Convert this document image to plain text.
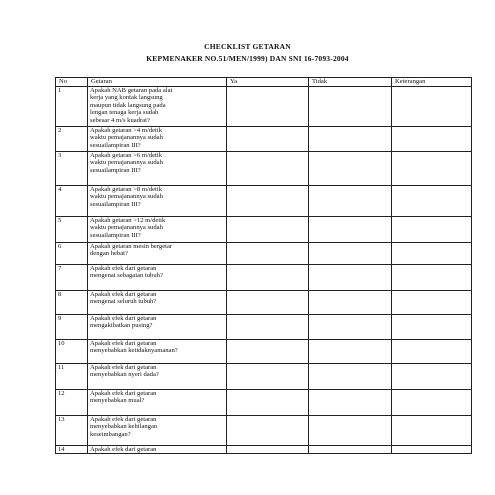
CHECKLIST GETARAN
KEPMENAKER NO.51/MEN/1999) DAN SNI 16-7093-2004
No	Getaran	Ya	Tidak	Keterangan
1	Apakah NAB getaran pada alat
kerja yang kontak langsung
maupun tidak langsung pada
lengan tenaga kerja sudah
sebesar 4 m/s kuadrat?			

2	Apakah getaran >4 m/detik
waktu pemajanannya sudah
sesuailampiran III?			

3	Apakah getaran >6 m/detik
waktu pemajanannya sudah
sesuailampiran III?			

4	Apakah getaran >8 m/detik
waktu pemajanannya sudah
sesuailampiran III?			

5	Apakah getaran >12 m/detik
waktu pemajanannya sudah
sesuailampiran III?			

6	Apakah getaran mesin bergetar
dengan hebat?			

7	Apakah efek dari getaran
mengenai sebagaian tubuh?			

8	Apakah efek dari getaran
mengenai seluruh tubuh?			

9	Apakah efek dari getaran
mengakibatkan pusing?			

10	Apakah efek dari getaran
menyebabkan ketidaknyamanan?			

11	Apakah efek dari getaran
menyebabkan nyeri dada?			

12	Apakah efek dari getaran
menyebabkan mual?			

13	Apakah efek dari getaran
menyebabkan kehilangan
keseimbangan?			

14	Apakah efek dari getaran			
